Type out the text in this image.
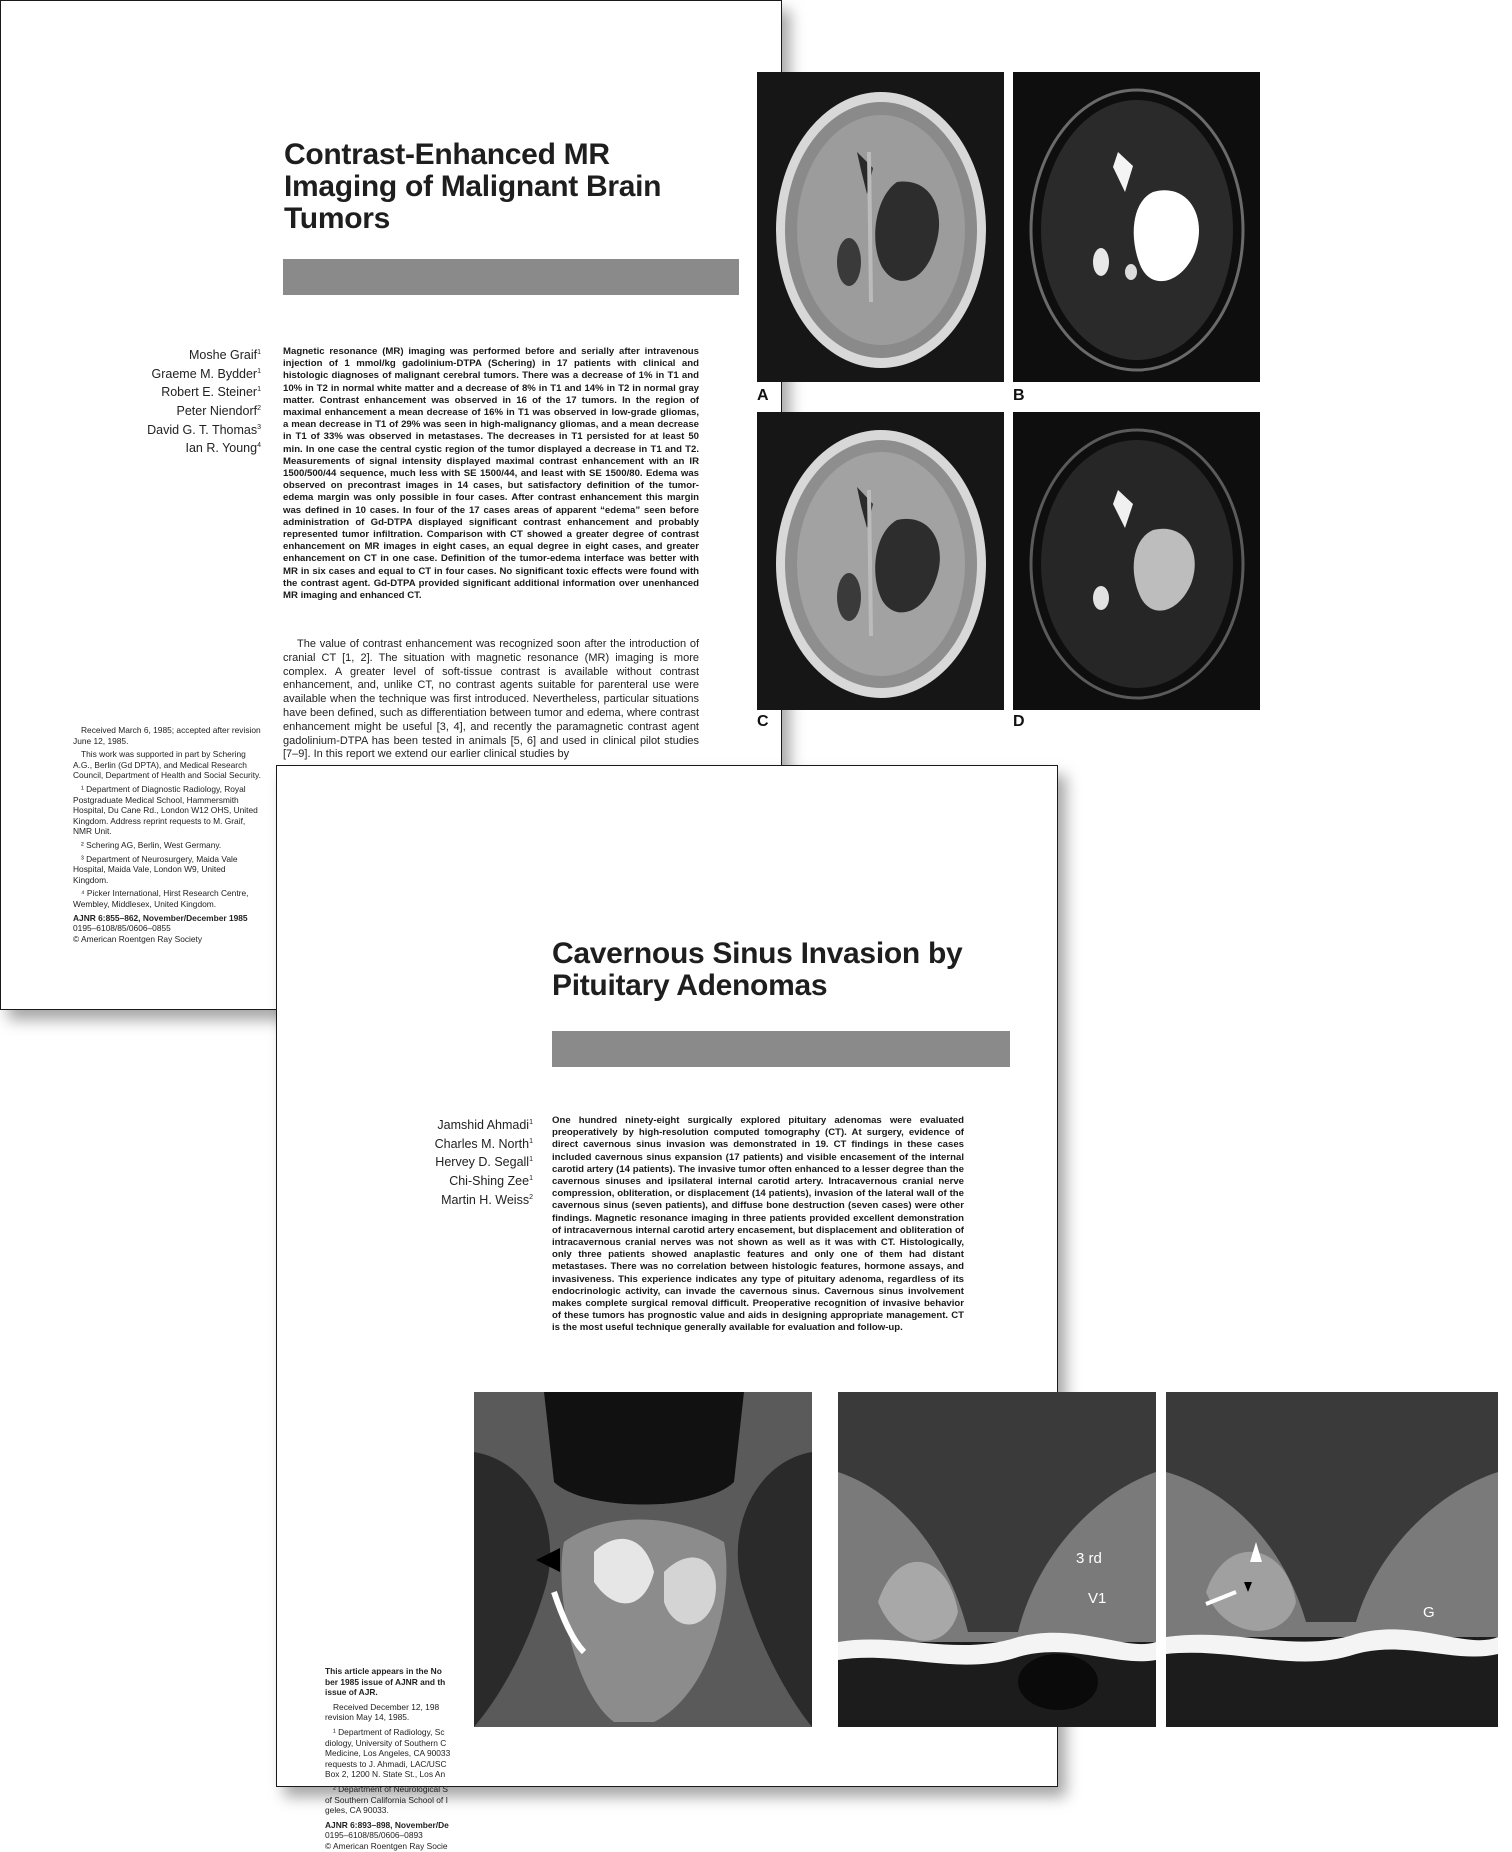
Contrast-Enhanced MR Imaging of Malignant Brain Tumors
Moshe Graif$^1$
Graeme M. Bydder$^1$
Robert E. Steiner$^1$
Peter Niendorf$^2$
David G. T. Thomas$^3$
Ian R. Young$^4$
Magnetic resonance (MR) imaging was performed before and serially after intravenous injection of 1 mmol/kg gadolinium-DTPA (Schering) in 17 patients with clinical and histologic diagnoses of malignant cerebral tumors. There was a decrease of 1% in T1 and 10% in T2 in normal white matter and a decrease of 8% in T1 and 14% in T2 in normal gray matter. Contrast enhancement was observed in 16 of the 17 tumors. In the region of maximal enhancement a mean decrease of 16% in T1 was observed in low-grade gliomas, a mean decrease in T1 of 29% was seen in high-malignancy gliomas, and a mean decrease in T1 of 33% was observed in metastases. The decreases in T1 persisted for at least 50 min. In one case the central cystic region of the tumor displayed a decrease in T1 and T2. Measurements of signal intensity displayed maximal contrast enhancement with an IR 1500/500/44 sequence, much less with SE 1500/44, and least with SE 1500/80. Edema was observed on precontrast images in 14 cases, but satisfactory definition of the tumor-edema margin was only possible in four cases. After contrast enhancement this margin was defined in 10 cases. In four of the 17 cases areas of apparent “edema” seen before administration of Gd-DTPA displayed significant contrast enhancement and probably represented tumor infiltration. Comparison with CT showed a greater degree of contrast enhancement on MR images in eight cases, an equal degree in eight cases, and greater enhancement on CT in one case. Definition of the tumor-edema interface was better with MR in six cases and equal to CT in four cases. No significant toxic effects were found with the contrast agent. Gd-DTPA provided significant additional information over unenhanced MR imaging and enhanced CT.
The value of contrast enhancement was recognized soon after the introduction of cranial CT [1, 2]. The situation with magnetic resonance (MR) imaging is more complex. A greater level of soft-tissue contrast is available without contrast enhancement, and, unlike CT, no contrast agents suitable for parenteral use were available when the technique was first introduced. Nevertheless, particular situations have been defined, such as differentiation between tumor and edema, where contrast enhancement might be useful [3, 4], and recently the paramagnetic contrast agent gadolinium-DTPA has been tested in animals [5, 6] and used in clinical pilot studies [7–9]. In this report we extend our earlier clinical studies by

Received March 6, 1985; accepted after revision June 12, 1985.

This work was supported in part by Schering A.G., Berlin (Gd DPTA), and Medical Research Council, Department of Health and Social Security.

¹ Department of Diagnostic Radiology, Royal Postgraduate Medical School, Hammersmith Hospital, Du Cane Rd., London W12 OHS, United Kingdom. Address reprint requests to M. Graif, NMR Unit.

² Schering AG, Berlin, West Germany.

³ Department of Neurosurgery, Maida Vale Hospital, Maida Vale, London W9, United Kingdom.

⁴ Picker International, Hirst Research Centre, Wembley, Middlesex, United Kingdom.

AJNR 6:855–862, November/December 1985
0195–6108/85/0606–0855
© American Roentgen Ray Society
A	B
C	D
Cavernous Sinus Invasion by Pituitary Adenomas
Jamshid Ahmadi$^1$
Charles M. North$^1$
Hervey D. Segall$^1$
Chi-Shing Zee$^1$
Martin H. Weiss$^2$
One hundred ninety-eight surgically explored pituitary adenomas were evaluated preoperatively by high-resolution computed tomography (CT). At surgery, evidence of direct cavernous sinus invasion was demonstrated in 19. CT findings in these cases included cavernous sinus expansion (17 patients) and visible encasement of the internal carotid artery (14 patients). The invasive tumor often enhanced to a lesser degree than the cavernous sinuses and ipsilateral internal carotid artery. Intracavernous cranial nerve compression, obliteration, or displacement (14 patients), invasion of the lateral wall of the cavernous sinus (seven patients), and diffuse bone destruction (seven cases) were other findings. Magnetic resonance imaging in three patients provided excellent demonstration of intracavernous internal carotid artery encasement, but displacement and obliteration of intracavernous cranial nerves was not shown as well as it was with CT. Histologically, only three patients showed anaplastic features and only one of them had distant metastases. There was no correlation between histologic features, hormone assays, and invasiveness. This experience indicates any type of pituitary adenoma, regardless of its endocrinologic activity, can invade the cavernous sinus. Cavernous sinus involvement makes complete surgical removal difficult. Preoperative recognition of invasive behavior of these tumors has prognostic value and aids in designing appropriate management. CT is the most useful technique generally available for evaluation and follow-up.

This article appears in the No

ber 1985 issue of AJNR and th

issue of AJR.

Received December 12, 198

revision May 14, 1985.

¹ Department of Radiology, Sc

diology, University of Southern C

Medicine, Los Angeles, CA 90033

requests to J. Ahmadi, LAC/USC

Box 2, 1200 N. State St., Los An

² Department of Neurological S

of Southern California School of I

geles, CA 90033.

AJNR 6:893–898, November/De

0195–6108/85/0606–0893

© American Roentgen Ray Socie

3 rd
V1
G
